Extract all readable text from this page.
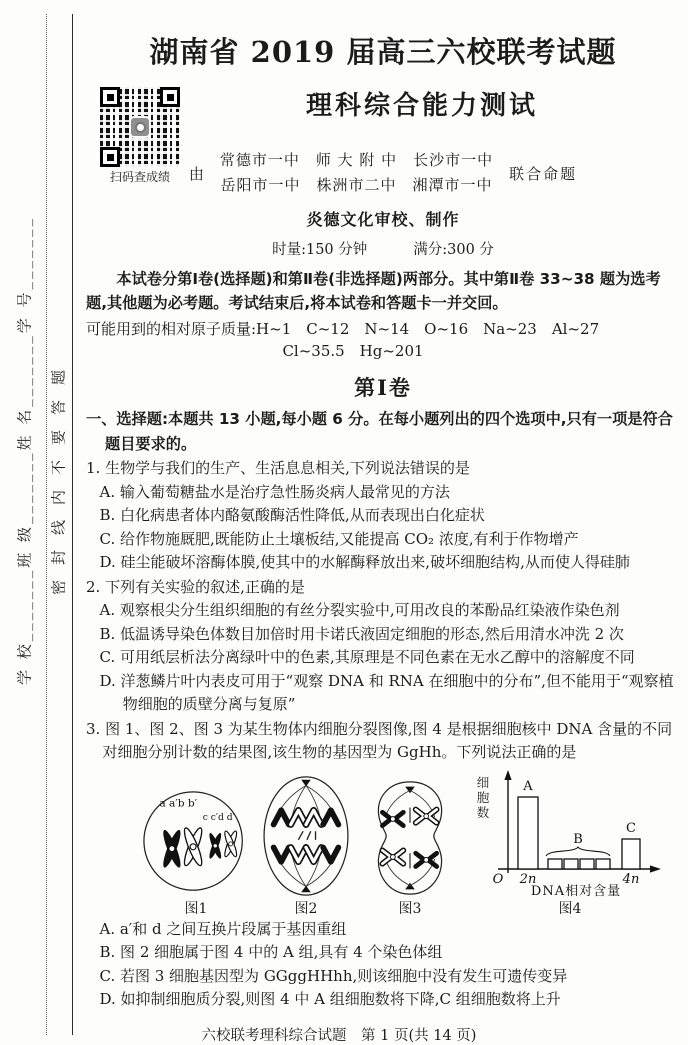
学 校_______班 级_______姓 名_______学 号_______ 密　封　线　内　不　要　答　题
湖南省 2019 届高三六校联考试题
扫码查成绩
理科综合能力测试
由
常德市一中　师 大 附 中　长沙市一中
岳阳市一中　株洲市二中　湘潭市一中
联合命题
炎德文化审校、制作
时量:150 分钟	满分:300 分

本试卷分第Ⅰ卷(选择题)和第Ⅱ卷(非选择题)两部分。其中第Ⅱ卷 33~38 题为选考题,其他题为必考题。考试结束后,将本试卷和答题卡一并交回。

可能用到的相对原子质量:H~1　C~12　N~14　O~16　Na~23　Al~27
Cl~35.5　Hg~201
第Ⅰ卷
一、选择题:本题共 13 小题,每小题 6 分。在每小题列出的四个选项中,只有一项是符合题目要求的。
1. 生物学与我们的生产、生活息息相关,下列说法错误的是
A. 输入葡萄糖盐水是治疗急性肠炎病人最常见的方法
B. 白化病患者体内酪氨酸酶活性降低,从而表现出白化症状
C. 给作物施厩肥,既能防止土壤板结,又能提高 CO₂ 浓度,有利于作物增产
D. 硅尘能破坏溶酶体膜,使其中的水解酶释放出来,破坏细胞结构,从而使人得硅肺
2. 下列有关实验的叙述,正确的是
A. 观察根尖分生组织细胞的有丝分裂实验中,可用改良的苯酚品红染液作染色剂
B. 低温诱导染色体数目加倍时用卡诺氏液固定细胞的形态,然后用清水冲洗 2 次
C. 可用纸层析法分离绿叶中的色素,其原理是不同色素在无水乙醇中的溶解度不同
D. 洋葱鳞片叶内表皮可用于“观察 DNA 和 RNA 在细胞中的分布”,但不能用于“观察植物细胞的质壁分离与复原”
3. 图 1、图 2、图 3 为某生物体内细胞分裂图像,图 4 是根据细胞核中 DNA 含量的不同对细胞分别计数的结果图,该生物的基因型为 GgHh。下列说法正确的是
a a′b b′
c c′d d′
图1	图2	图3
细胞数
A
B
C
O 2n	4n
DNA相对含量
图4
A. a′和 d 之间互换片段属于基因重组
B. 图 2 细胞属于图 4 中的 A 组,具有 4 个染色体组
C. 若图 3 细胞基因型为 GGggHHhh,则该细胞中没有发生可遗传变异
D. 如抑制细胞质分裂,则图 4 中 A 组细胞数将下降,C 组细胞数将上升
六校联考理科综合试题　第 1 页(共 14 页)
